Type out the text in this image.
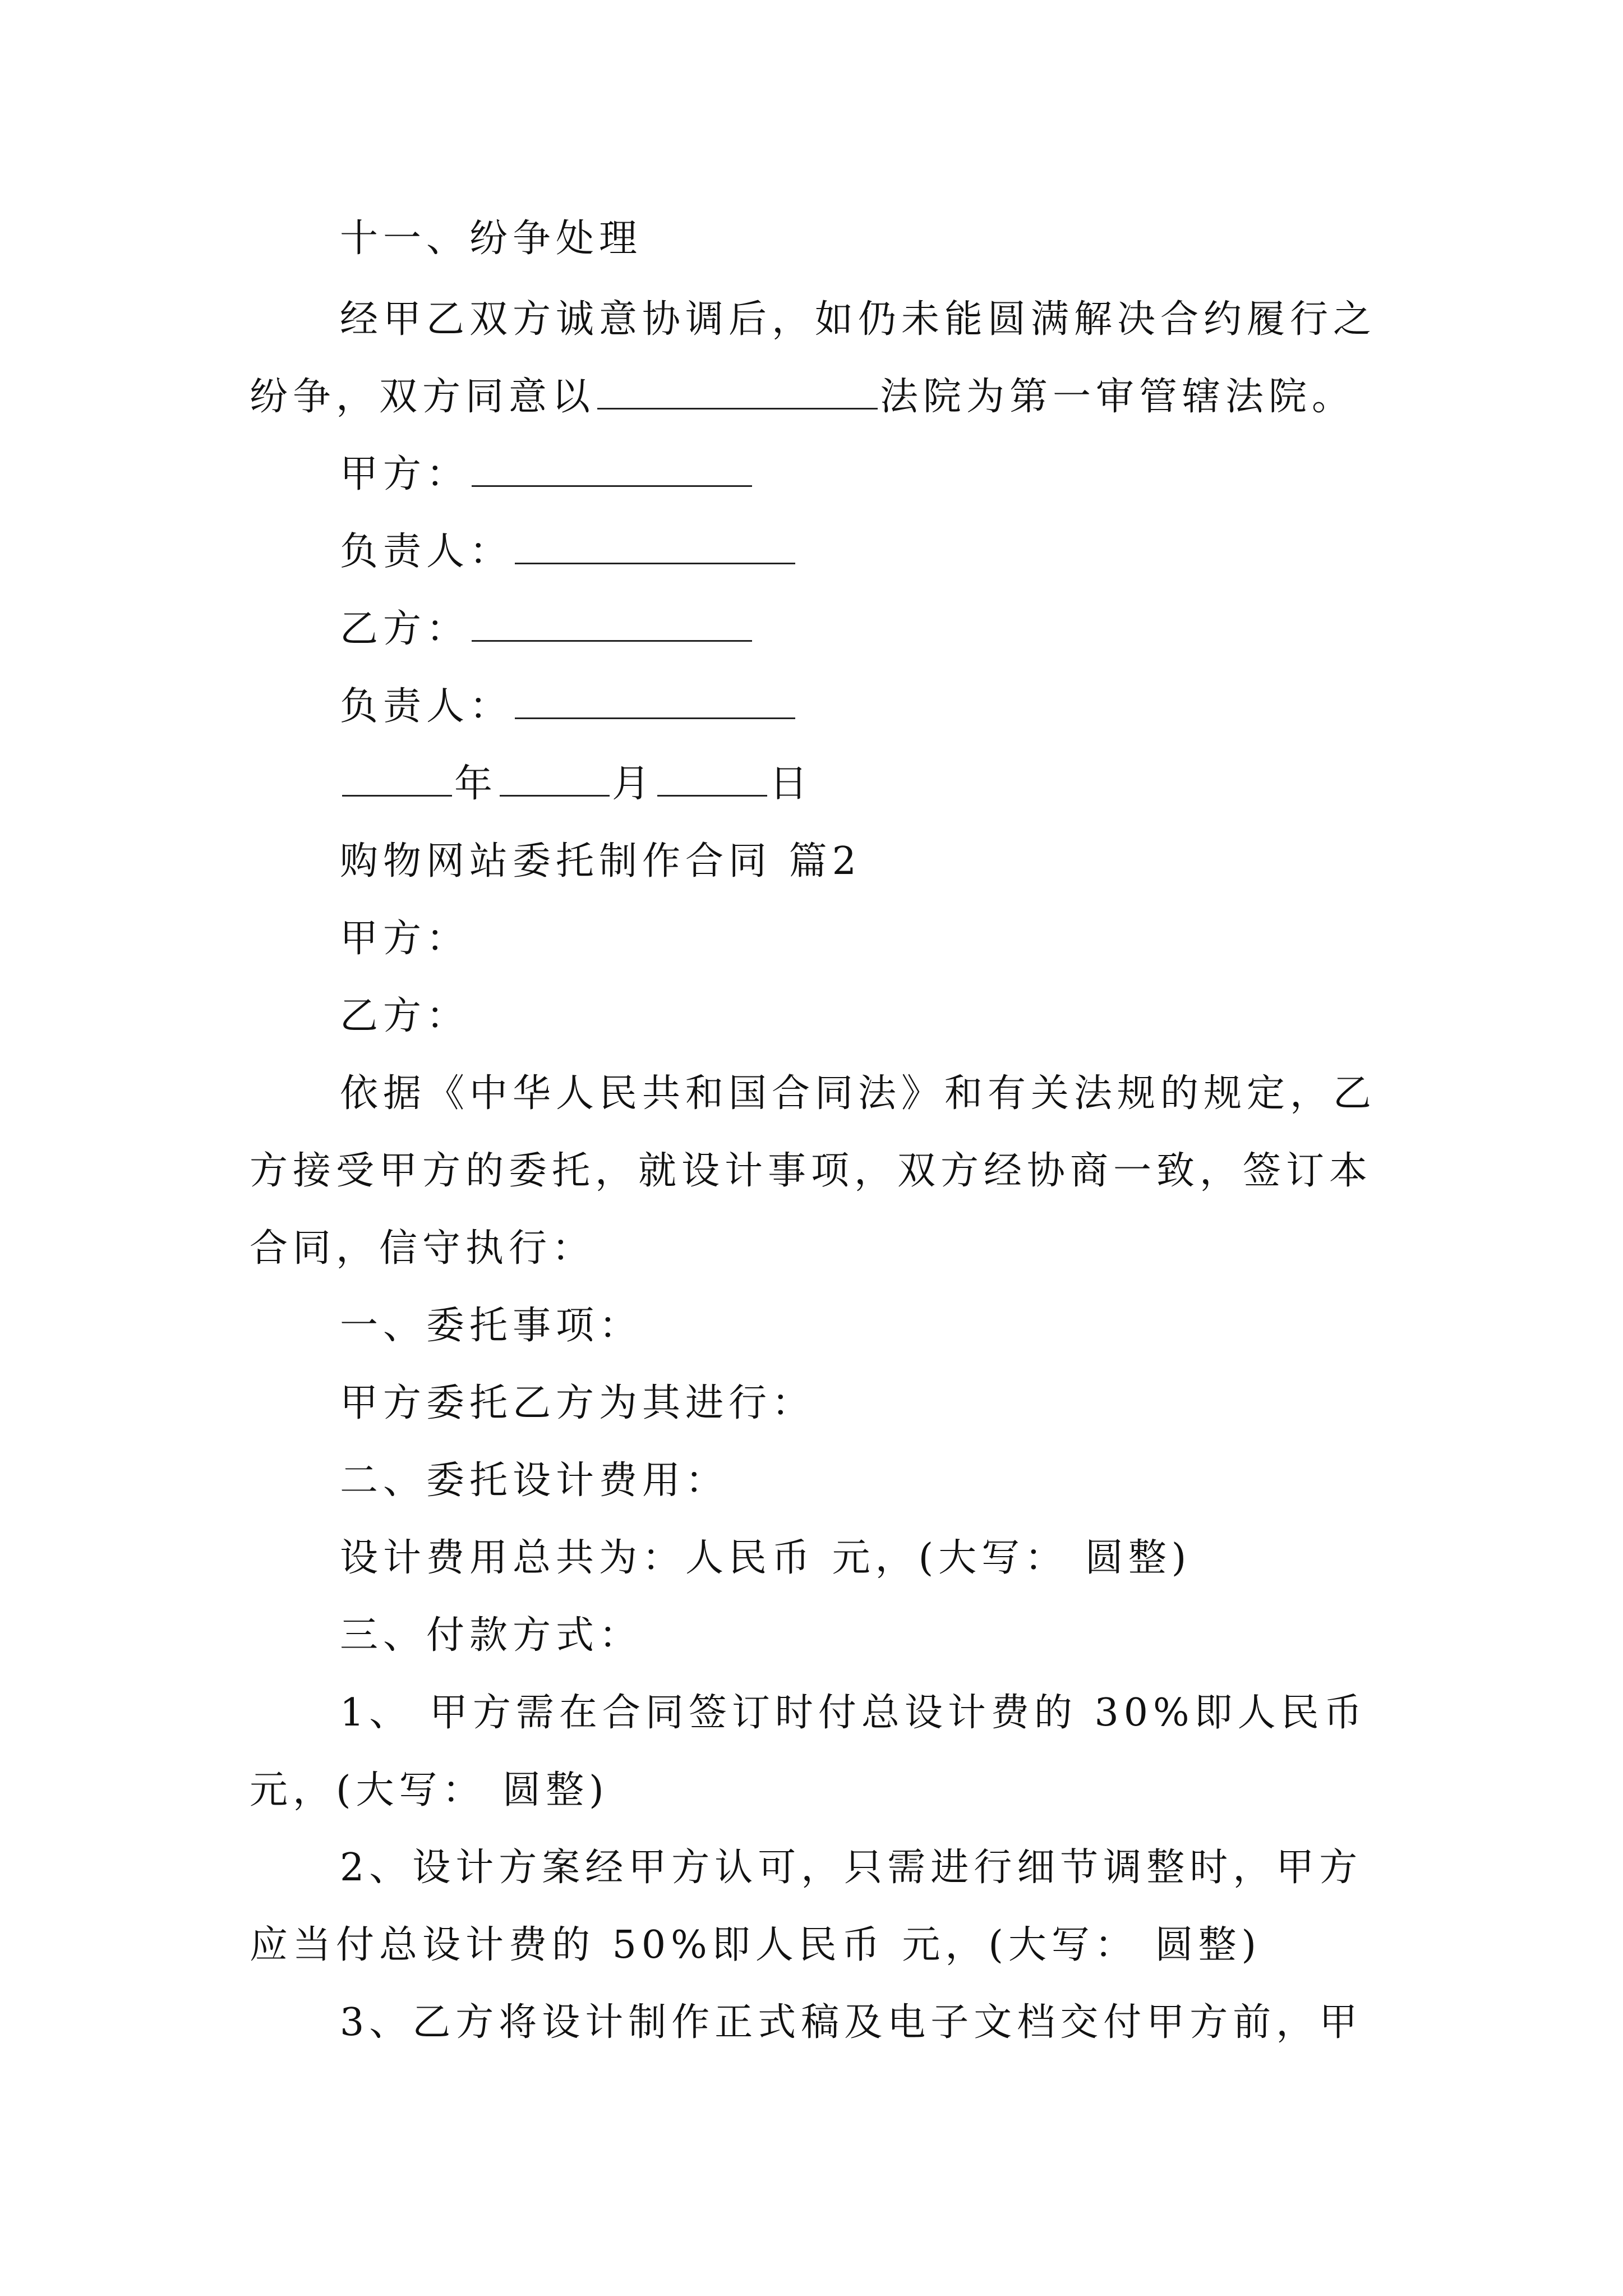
十一、纷争处理
经甲乙双方诚意协调后，如仍未能圆满解决合约履行之
纷争，双方同意以	法院为第一审管辖法院。
甲方：
负责人：
乙方：
负责人：
年	月	日
购物网站委托制作合同 篇2
甲方：
乙方：
依据《中华人民共和国合同法》和有关法规的规定，乙
方接受甲方的委托，就设计事项，双方经协商一致，签订本
合同，信守执行：
一、委托事项：
甲方委托乙方为其进行：
二、委托设计费用：
设计费用总共为：人民币 元，(大写： 圆整)
三、付款方式：
1、 甲方需在合同签订时付总设计费的 30%即人民币
元，(大写： 圆整)
2、设计方案经甲方认可，只需进行细节调整时，甲方
应当付总设计费的 50%即人民币 元，(大写： 圆整)
3、乙方将设计制作正式稿及电子文档交付甲方前，甲
